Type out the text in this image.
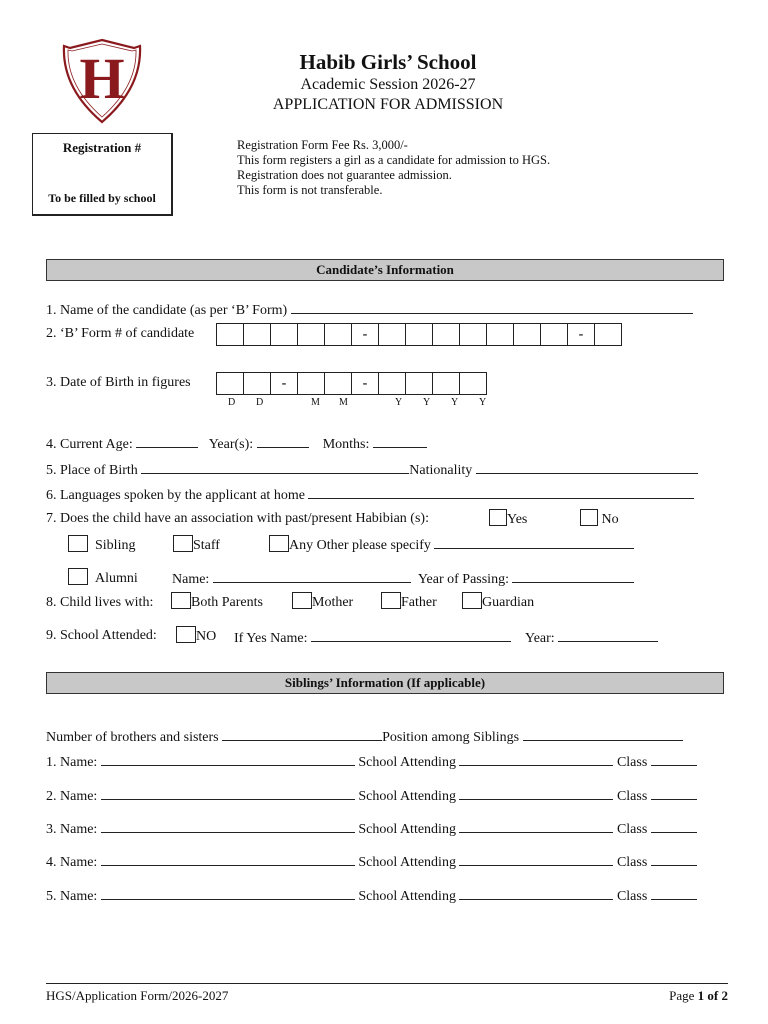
H	Habib Girls’ School
Academic Session 2026-27
APPLICATION FOR ADMISSION
Registration #
To be filled by school
Registration Form Fee Rs. 3,000/-
This form registers a girl as a candidate for admission to HGS.
Registration does not guarantee admission.
This form is not transferable.
Candidate’s Information
1. Name of the candidate (as per ‘B’ Form)
2. ‘B’ Form # of candidate	-	-
3. Date of Birth in figures	-	-
D D	M M	Y Y Y Y
4. Current Age:	Year(s):	Months:
5. Place of Birth	Nationality
6. Languages spoken by the applicant at home
7. Does the child have an association with past/present Habibian (s):	Yes	No
Sibling	Staff	Any Other please specify
Alumni Name:	Year of Passing:
8. Child lives with:	Both Parents	Mother	Father	Guardian
9. School Attended:	NO If Yes Name:	Year:
Siblings’ Information (If applicable)
Number of brothers and sisters	Position among Siblings
1. Name:	School Attending	Class
2. Name:	School Attending	Class
3. Name:	School Attending	Class
4. Name:	School Attending	Class
5. Name:	School Attending	Class
HGS/Application Form/2026-2027	Page 1 of 2
